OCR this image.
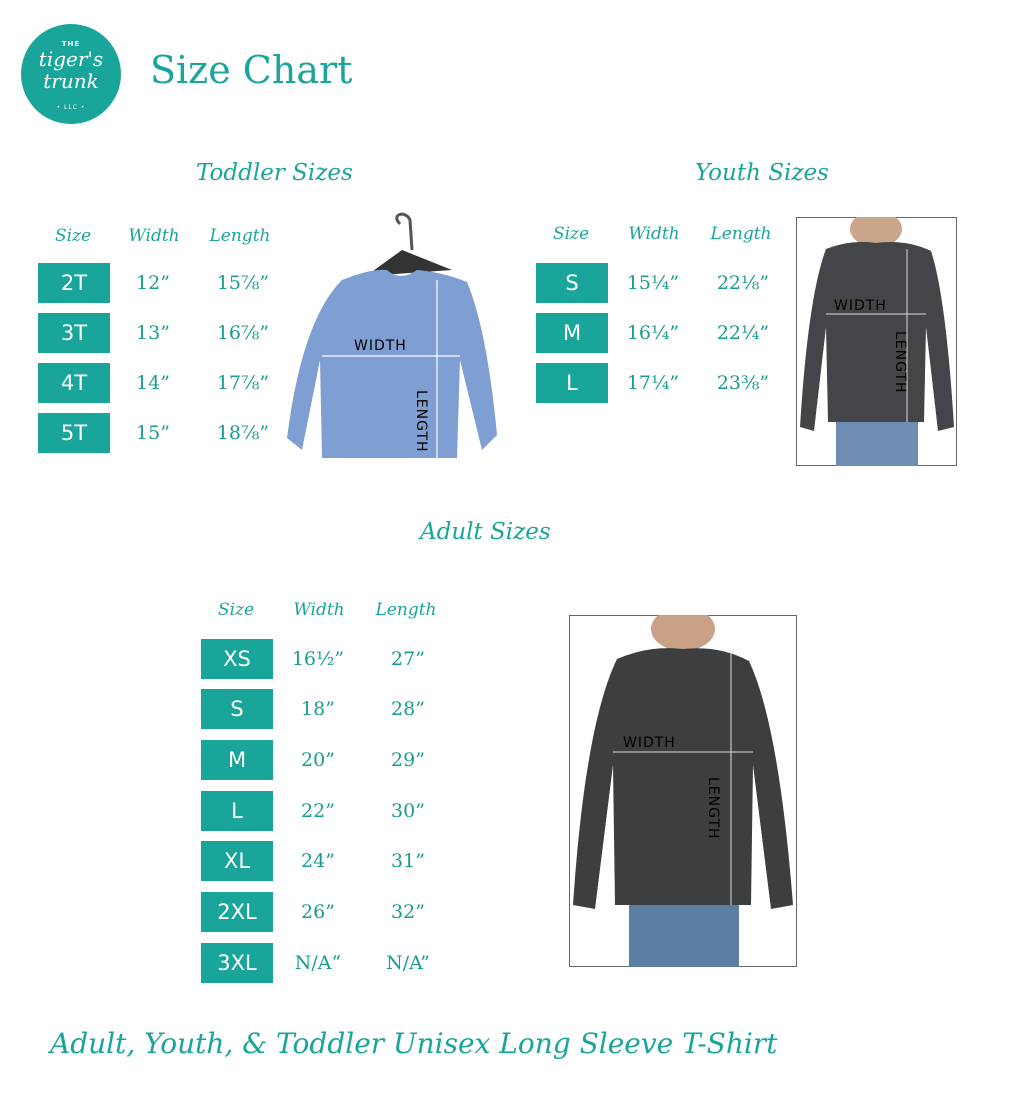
THE
tiger's
trunk
• LLC •
Size Chart
Toddler Sizes
Size	Width	Length
2T	12”	15⅞”
3T	13”	16⅞”
4T	14”	17⅞”
5T	15”	18⅞”
WIDTH
LENGTH
Youth Sizes
Size	Width	Length
S	15¼”	22⅛”
M	16¼”	22¼”
L	17¼”	23⅜”
WIDTH
LENGTH
Adult Sizes
Size	Width	Length
XS	16½”	27”
S	18”	28”
M	20”	29”
L	22”	30”
XL	24”	31”
2XL	26”	32”
3XL	N/A“	N/A”
WIDTH
LENGTH
Adult, Youth, & Toddler Unisex Long Sleeve T-Shirt
